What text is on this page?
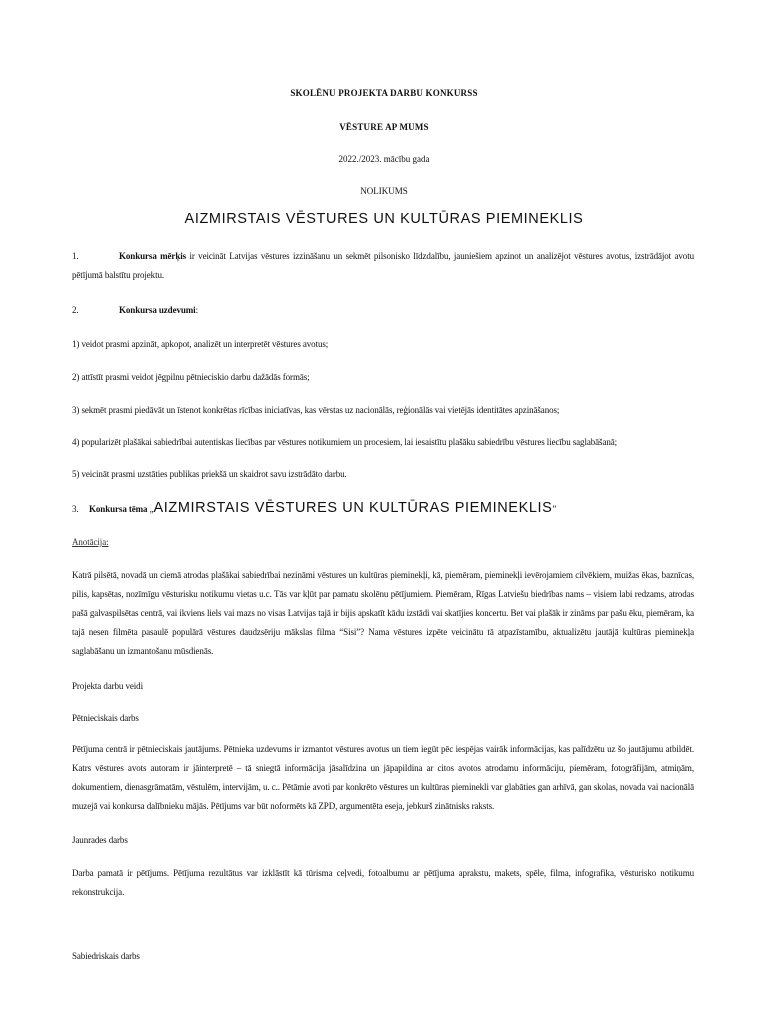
SKOLĒNU PROJEKTA DARBU KONKURSS
VĒSTURE AP MUMS
2022./2023. mācību gada
NOLIKUMS
AIZMIRSTAIS VĒSTURES UN KULTŪRAS PIEMINEKLIS
1.	Konkursa mērķis ir veicināt Latvijas vēstures izzināšanu un sekmēt pilsonisko līdzdalību, jauniešiem apzinot un analizējot vēstures avotus, izstrādājot avotu pētījumā balstītu projektu.
2.	Konkursa uzdevumi:
1) veidot prasmi apzināt, apkopot, analizēt un interpretēt vēstures avotus;
2) attīstīt prasmi veidot jēgpilnu pētnieciskio darbu dažādās formās;
3) sekmēt prasmi piedāvāt un īstenot konkrētas rīcības iniciatīvas, kas vērstas uz nacionālās, reģionālās vai vietējās identitātes apzināšanos;
4) popularizēt plašākai sabiedrībai autentiskas liecības par vēstures notikumiem un procesiem, lai iesaistītu plašāku sabiedrību vēstures liecību saglabāšanā;
5) veicināt prasmi uzstāties publikas priekšā un skaidrot savu izstrādāto darbu.
3. Konkursa tēma „AIZMIRSTAIS VĒSTURES UN KULTŪRAS PIEMINEKLIS”
Anotācija:
Katrā pilsētā, novadā un ciemā atrodas plašākai sabiedrībai nezināmi vēstures un kultūras pieminekļi, kā, piemēram, pieminekļi ievērojamiem cilvēkiem, muižas ēkas, baznīcas, pilis, kapsētas, nozīmīgu vēsturisku notikumu vietas u.c. Tās var kļūt par pamatu skolēnu pētījumiem. Piemēram, Rīgas Latviešu biedrības nams – visiem labi redzams, atrodas pašā galvaspilsētas centrā, vai ikviens liels vai mazs no visas Latvijas tajā ir bijis apskatīt kādu izstādi vai skatījies koncertu. Bet vai plašāk ir zināms par pašu ēku, piemēram, ka tajā nesen filmēta pasaulē populārā vēstures daudzsēriju mākslas filma “Sisi”? Nama vēstures izpēte veicinātu tā atpazīstamību, aktualizētu jautājā kultūras pieminekļa saglabāšanu un izmantošanu mūsdienās.
Projekta darbu veidi
Pētnieciskais darbs
Pētījuma centrā ir pētnieciskais jautājums. Pētnieka uzdevums ir izmantot vēstures avotus un tiem iegūt pēc iespējas vairāk informācijas, kas palīdzētu uz šo jautājumu atbildēt. Katrs vēstures avots autoram ir jāinterpretē – tā sniegtā informācija jāsalīdzina un jāpapildina ar citos avotos atrodamu informāciju, piemēram, fotogrāfijām, atmiņām, dokumentiem, dienasgrāmatām, vēstulēm, intervijām, u. c.. Pētāmie avoti par konkrēto vēstures un kultūras pieminekli var glabāties gan arhīvā, gan skolas, novada vai nacionālā muzejā vai konkursa dalībnieku mājās. Pētījums var būt noformēts kā ZPD, argumentēta eseja, jebkurš zinātnisks raksts.
Jaunrades darbs
Darba pamatā ir pētījums. Pētījuma rezultātus var izklāstīt kā tūrisma ceļvedi, fotoalbumu ar pētījuma aprakstu, makets, spēle, filma, infografika, vēsturisko notikumu rekonstrukcija.
Sabiedriskais darbs
